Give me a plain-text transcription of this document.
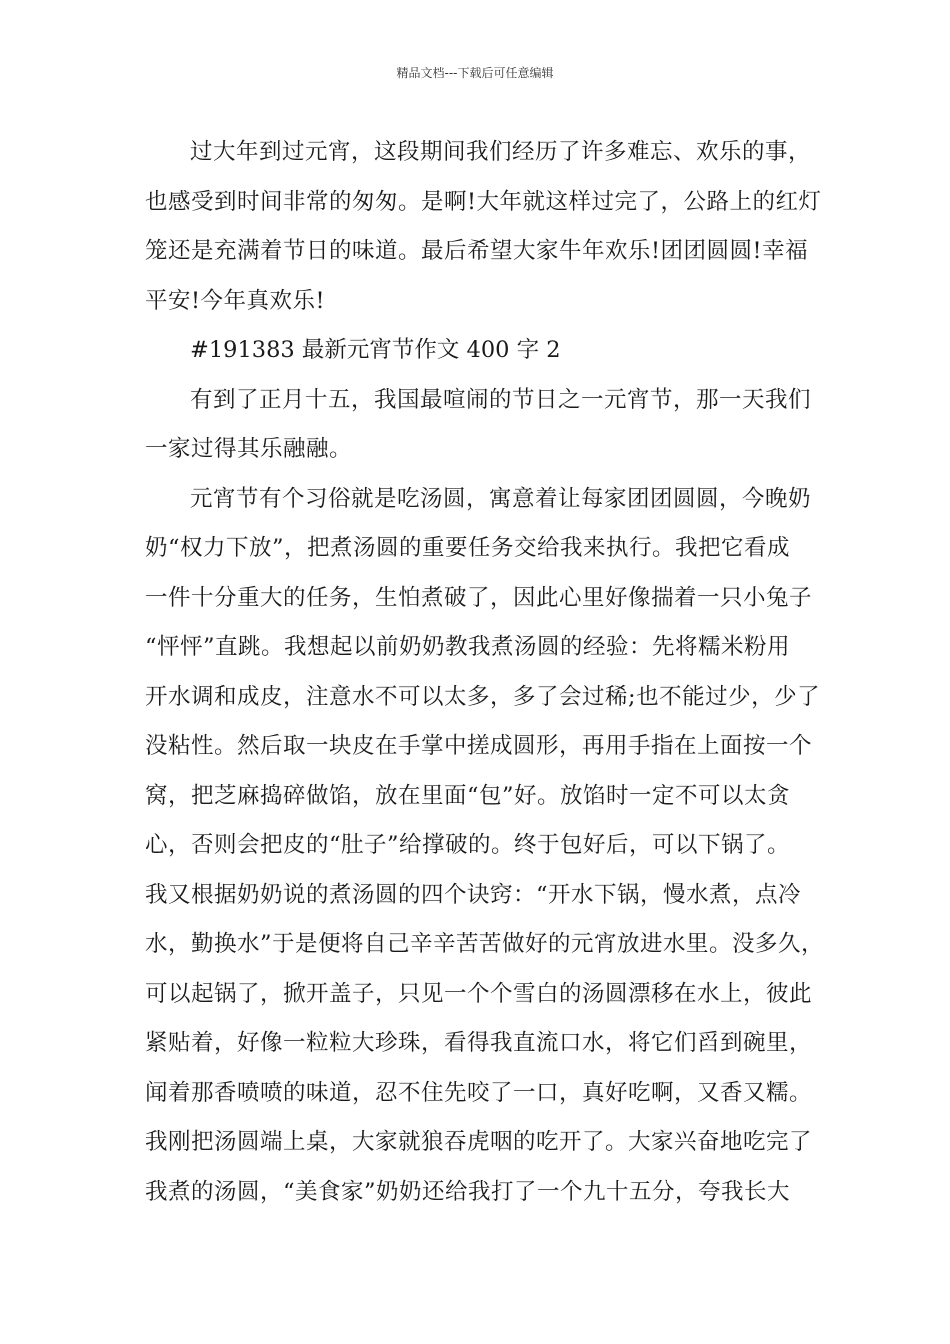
精品文档---下载后可任意编辑
过大年到过元宵，这段期间我们经历了许多难忘、欢乐的事，
也感受到时间非常的匆匆。是啊!大年就这样过完了，公路上的红灯
笼还是充满着节日的味道。最后希望大家牛年欢乐!团团圆圆!幸福
平安!今年真欢乐!
#191383 最新元宵节作文 400 字 2
有到了正月十五，我国最喧闹的节日之一元宵节，那一天我们
一家过得其乐融融。
元宵节有个习俗就是吃汤圆，寓意着让每家团团圆圆，今晚奶
奶“权力下放”，把煮汤圆的重要任务交给我来执行。我把它看成
一件十分重大的任务，生怕煮破了，因此心里好像揣着一只小兔子
“怦怦”直跳。我想起以前奶奶教我煮汤圆的经验：先将糯米粉用
开水调和成皮，注意水不可以太多，多了会过稀;也不能过少，少了
没粘性。然后取一块皮在手掌中搓成圆形，再用手指在上面按一个
窝，把芝麻捣碎做馅，放在里面“包”好。放馅时一定不可以太贪
心，否则会把皮的“肚子”给撑破的。终于包好后，可以下锅了。
我又根据奶奶说的煮汤圆的四个诀窍：“开水下锅，慢水煮，点冷
水，勤换水”于是便将自己辛辛苦苦做好的元宵放进水里。没多久，
可以起锅了，掀开盖子，只见一个个雪白的汤圆漂移在水上，彼此
紧贴着，好像一粒粒大珍珠，看得我直流口水，将它们舀到碗里，
闻着那香喷喷的味道，忍不住先咬了一口，真好吃啊，又香又糯。
我刚把汤圆端上桌，大家就狼吞虎咽的吃开了。大家兴奋地吃完了
我煮的汤圆，“美食家”奶奶还给我打了一个九十五分，夸我长大
